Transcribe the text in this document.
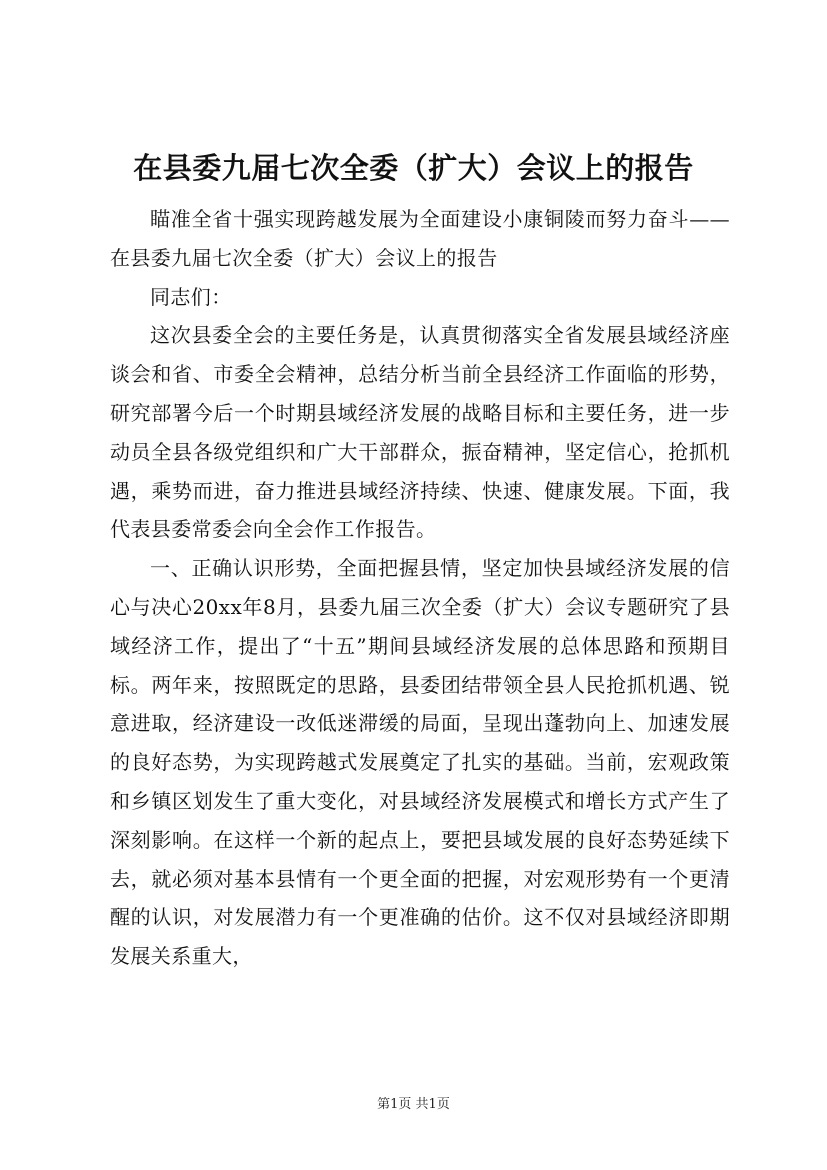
在县委九届七次全委（扩大）会议上的报告

瞄准全省十强实现跨越发展为全面建设小康铜陵而努力奋斗——在县委九届七次全委（扩大）会议上的报告

同志们：

这次县委全会的主要任务是，认真贯彻落实全省发展县域经济座谈会和省、市委全会精神，总结分析当前全县经济工作面临的形势，研究部署今后一个时期县域经济发展的战略目标和主要任务，进一步动员全县各级党组织和广大干部群众，振奋精神，坚定信心，抢抓机遇，乘势而进，奋力推进县域经济持续、快速、健康发展。下面，我代表县委常委会向全会作工作报告。

一、正确认识形势，全面把握县情，坚定加快县域经济发展的信心与决心20xx年8月，县委九届三次全委（扩大）会议专题研究了县域经济工作，提出了“十五”期间县域经济发展的总体思路和预期目标。两年来，按照既定的思路，县委团结带领全县人民抢抓机遇、锐意进取，经济建设一改低迷滞缓的局面，呈现出蓬勃向上、加速发展的良好态势，为实现跨越式发展奠定了扎实的基础。当前，宏观政策和乡镇区划发生了重大变化，对县域经济发展模式和增长方式产生了深刻影响。在这样一个新的起点上，要把县域发展的良好态势延续下去，就必须对基本县情有一个更全面的把握，对宏观形势有一个更清醒的认识，对发展潜力有一个更准确的估价。这不仅对县域经济即期发展关系重大，

第1页 共1页
